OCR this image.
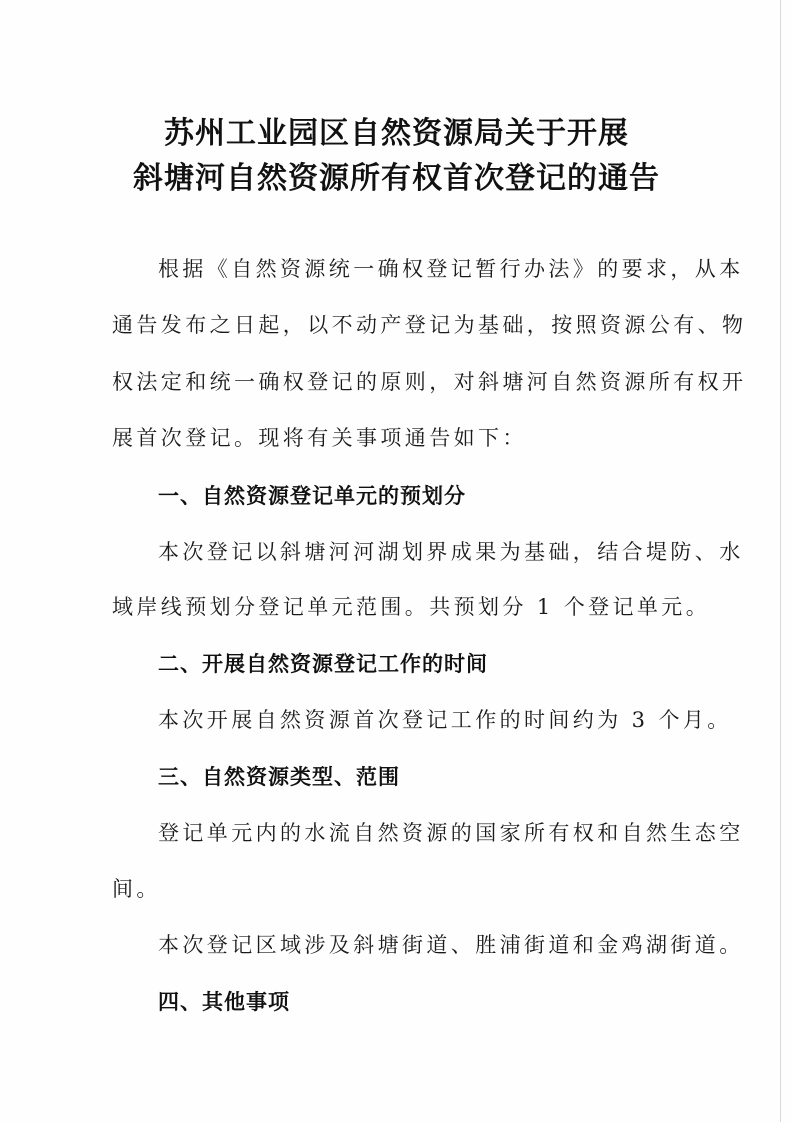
苏州工业园区自然资源局关于开展
斜塘河自然资源所有权首次登记的通告
根据《自然资源统一确权登记暂行办法》的要求，从本
通告发布之日起，以不动产登记为基础，按照资源公有、物
权法定和统一确权登记的原则，对斜塘河自然资源所有权开
展首次登记。现将有关事项通告如下：
一、自然资源登记单元的预划分
本次登记以斜塘河河湖划界成果为基础，结合堤防、水
域岸线预划分登记单元范围。共预划分 1 个登记单元。
二、开展自然资源登记工作的时间
本次开展自然资源首次登记工作的时间约为 3 个月。
三、自然资源类型、范围
登记单元内的水流自然资源的国家所有权和自然生态空
间。
本次登记区域涉及斜塘街道、胜浦街道和金鸡湖街道。
四、其他事项
